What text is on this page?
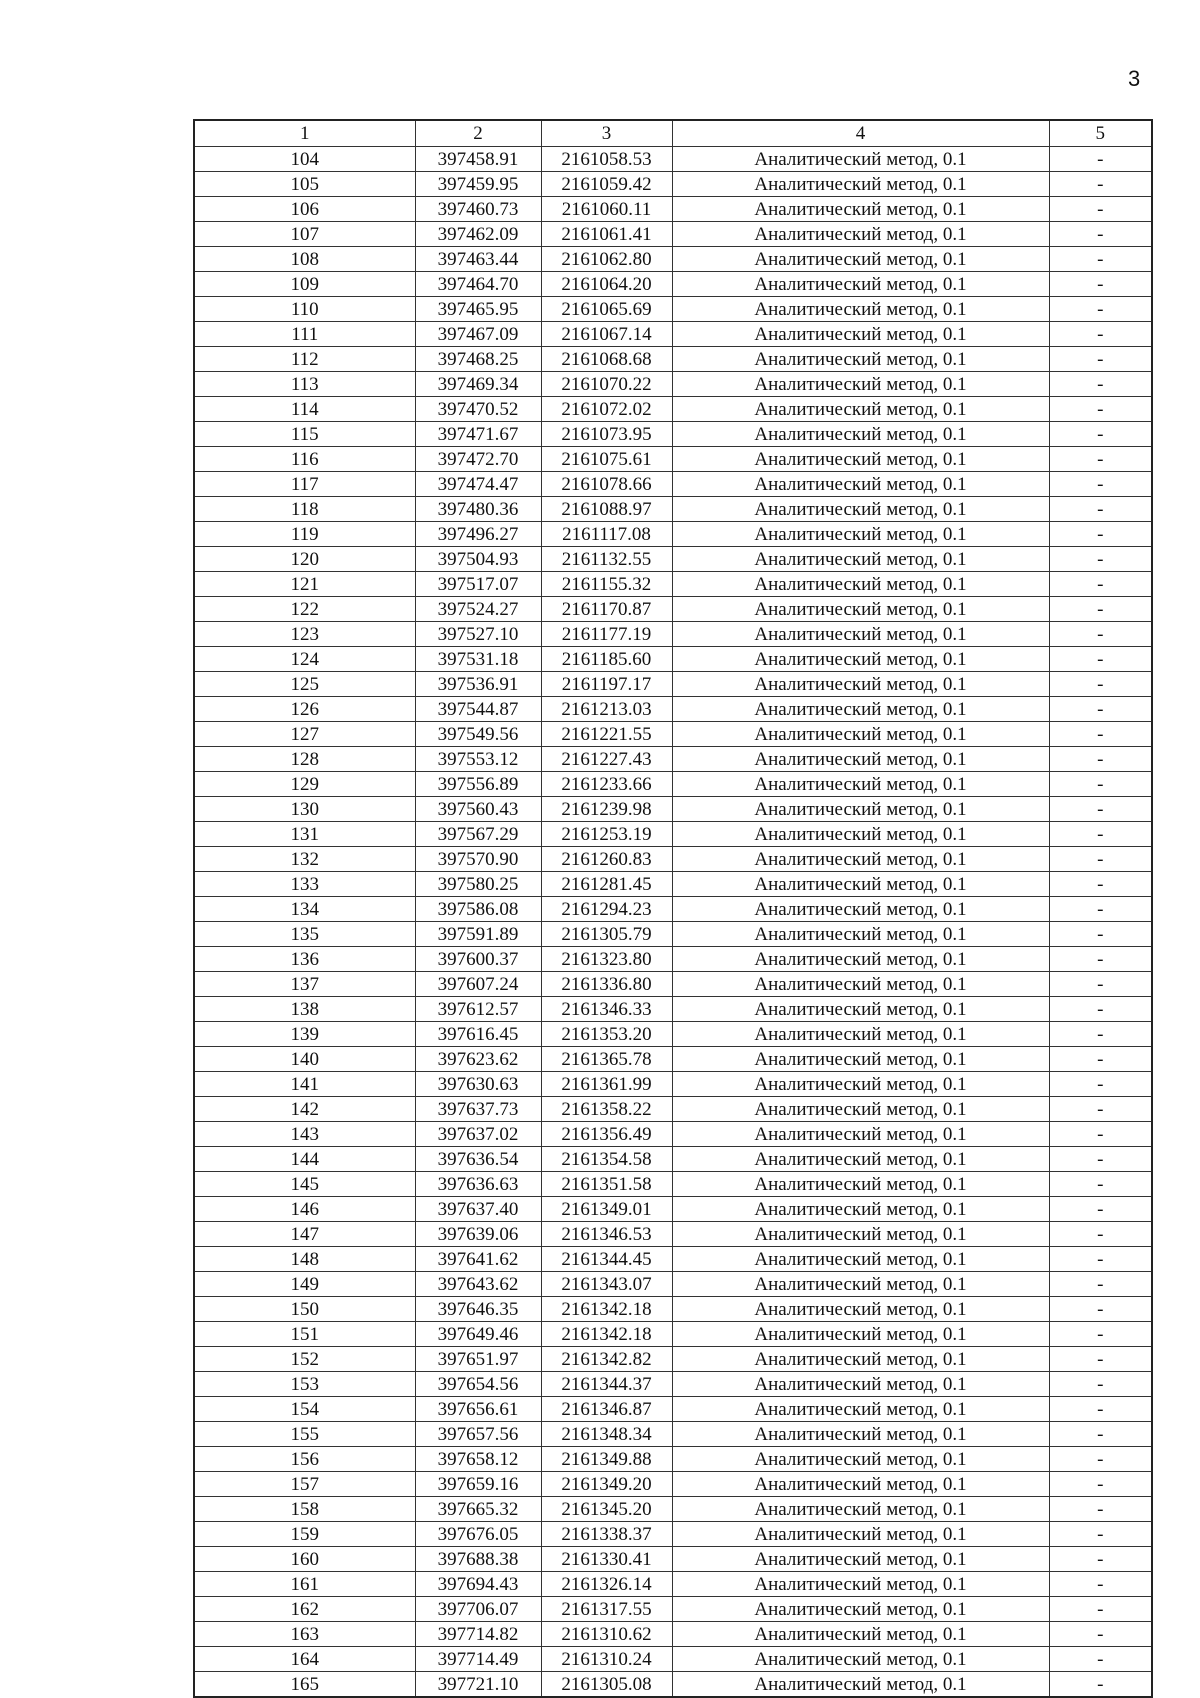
3
1	2	3	4	5
104	397458.91	2161058.53	Аналитический метод, 0.1	-
105	397459.95	2161059.42	Аналитический метод, 0.1	-
106	397460.73	2161060.11	Аналитический метод, 0.1	-
107	397462.09	2161061.41	Аналитический метод, 0.1	-
108	397463.44	2161062.80	Аналитический метод, 0.1	-
109	397464.70	2161064.20	Аналитический метод, 0.1	-
110	397465.95	2161065.69	Аналитический метод, 0.1	-
111	397467.09	2161067.14	Аналитический метод, 0.1	-
112	397468.25	2161068.68	Аналитический метод, 0.1	-
113	397469.34	2161070.22	Аналитический метод, 0.1	-
114	397470.52	2161072.02	Аналитический метод, 0.1	-
115	397471.67	2161073.95	Аналитический метод, 0.1	-
116	397472.70	2161075.61	Аналитический метод, 0.1	-
117	397474.47	2161078.66	Аналитический метод, 0.1	-
118	397480.36	2161088.97	Аналитический метод, 0.1	-
119	397496.27	2161117.08	Аналитический метод, 0.1	-
120	397504.93	2161132.55	Аналитический метод, 0.1	-
121	397517.07	2161155.32	Аналитический метод, 0.1	-
122	397524.27	2161170.87	Аналитический метод, 0.1	-
123	397527.10	2161177.19	Аналитический метод, 0.1	-
124	397531.18	2161185.60	Аналитический метод, 0.1	-
125	397536.91	2161197.17	Аналитический метод, 0.1	-
126	397544.87	2161213.03	Аналитический метод, 0.1	-
127	397549.56	2161221.55	Аналитический метод, 0.1	-
128	397553.12	2161227.43	Аналитический метод, 0.1	-
129	397556.89	2161233.66	Аналитический метод, 0.1	-
130	397560.43	2161239.98	Аналитический метод, 0.1	-
131	397567.29	2161253.19	Аналитический метод, 0.1	-
132	397570.90	2161260.83	Аналитический метод, 0.1	-
133	397580.25	2161281.45	Аналитический метод, 0.1	-
134	397586.08	2161294.23	Аналитический метод, 0.1	-
135	397591.89	2161305.79	Аналитический метод, 0.1	-
136	397600.37	2161323.80	Аналитический метод, 0.1	-
137	397607.24	2161336.80	Аналитический метод, 0.1	-
138	397612.57	2161346.33	Аналитический метод, 0.1	-
139	397616.45	2161353.20	Аналитический метод, 0.1	-
140	397623.62	2161365.78	Аналитический метод, 0.1	-
141	397630.63	2161361.99	Аналитический метод, 0.1	-
142	397637.73	2161358.22	Аналитический метод, 0.1	-
143	397637.02	2161356.49	Аналитический метод, 0.1	-
144	397636.54	2161354.58	Аналитический метод, 0.1	-
145	397636.63	2161351.58	Аналитический метод, 0.1	-
146	397637.40	2161349.01	Аналитический метод, 0.1	-
147	397639.06	2161346.53	Аналитический метод, 0.1	-
148	397641.62	2161344.45	Аналитический метод, 0.1	-
149	397643.62	2161343.07	Аналитический метод, 0.1	-
150	397646.35	2161342.18	Аналитический метод, 0.1	-
151	397649.46	2161342.18	Аналитический метод, 0.1	-
152	397651.97	2161342.82	Аналитический метод, 0.1	-
153	397654.56	2161344.37	Аналитический метод, 0.1	-
154	397656.61	2161346.87	Аналитический метод, 0.1	-
155	397657.56	2161348.34	Аналитический метод, 0.1	-
156	397658.12	2161349.88	Аналитический метод, 0.1	-
157	397659.16	2161349.20	Аналитический метод, 0.1	-
158	397665.32	2161345.20	Аналитический метод, 0.1	-
159	397676.05	2161338.37	Аналитический метод, 0.1	-
160	397688.38	2161330.41	Аналитический метод, 0.1	-
161	397694.43	2161326.14	Аналитический метод, 0.1	-
162	397706.07	2161317.55	Аналитический метод, 0.1	-
163	397714.82	2161310.62	Аналитический метод, 0.1	-
164	397714.49	2161310.24	Аналитический метод, 0.1	-
165	397721.10	2161305.08	Аналитический метод, 0.1	-
